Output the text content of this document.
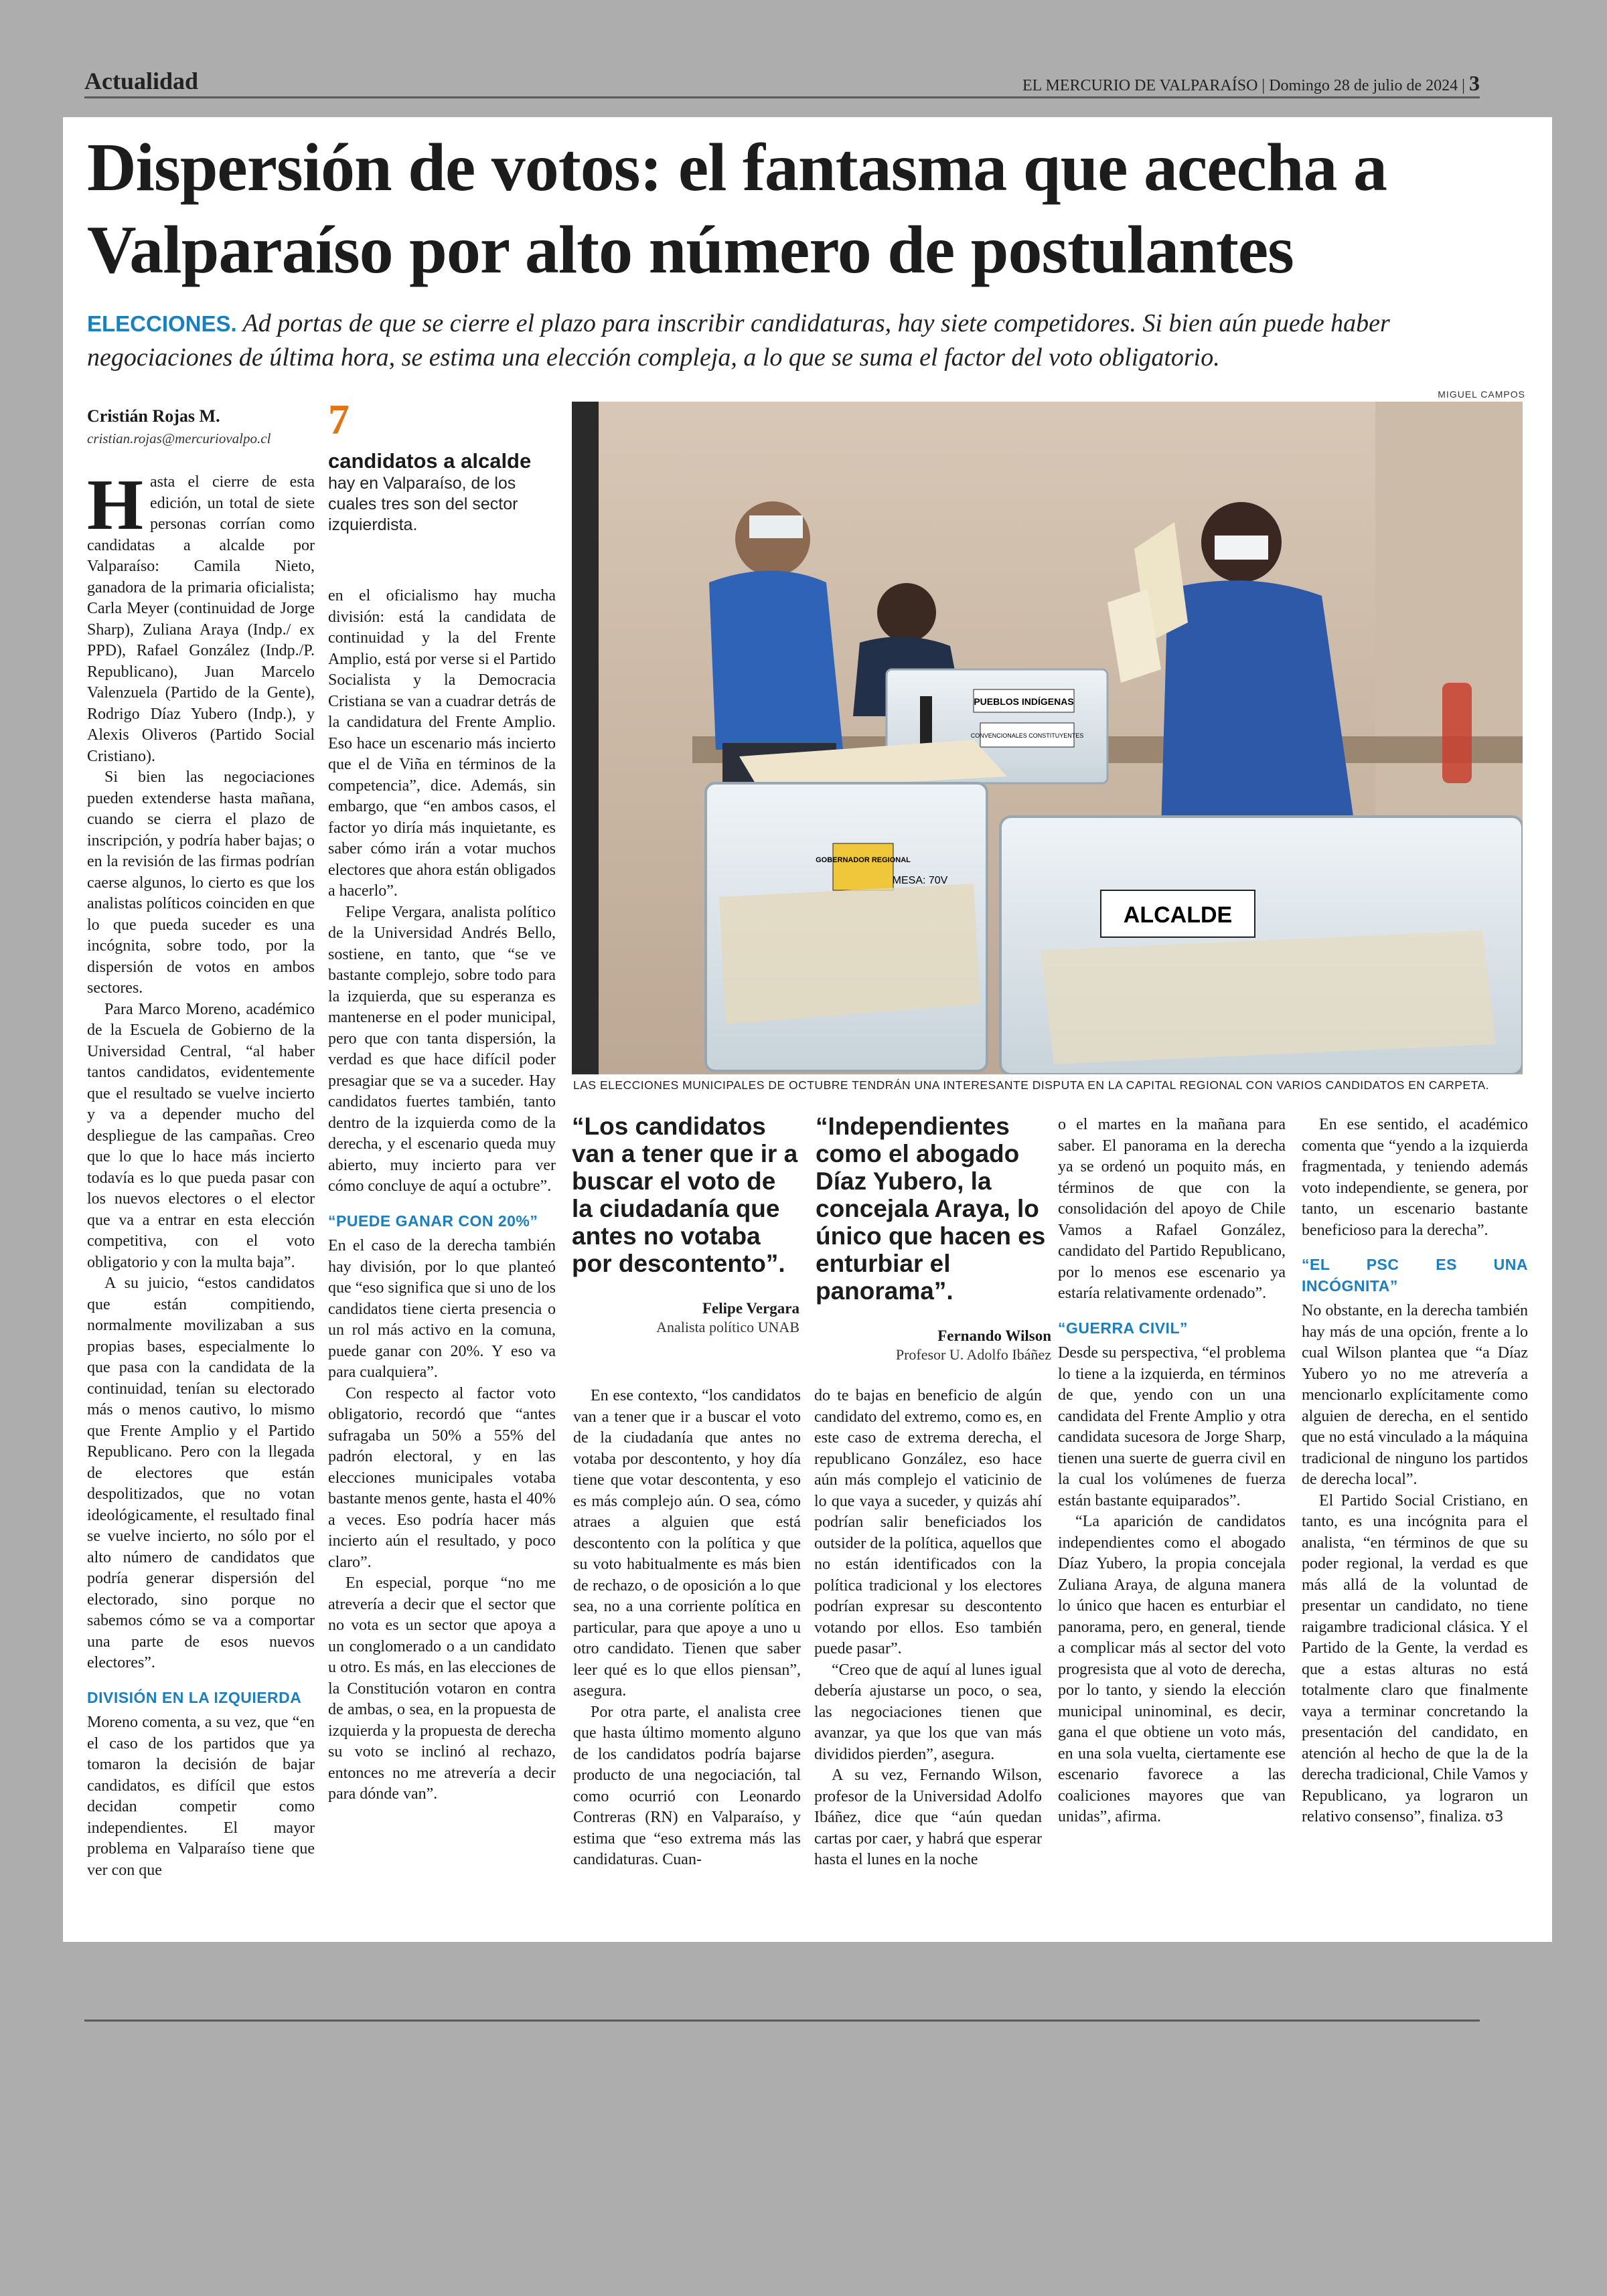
Actualidad	EL MERCURIO DE VALPARAÍSO | Domingo 28 de julio de 2024 | 3
Dispersión de votos: el fantasma que acecha a Valparaíso por alto número de postulantes
ELECCIONES. Ad portas de que se cierre el plazo para inscribir candidaturas, hay siete competidores. Si bien aún puede haber negociaciones de última hora, se estima una elección compleja, a lo que se suma el factor del voto obligatorio.
Cristián Rojas M.
cristian.rojas@mercuriovalpo.cl	7
candidatos a alcalde
hay en Valparaíso, de los cuales tres son del sector izquierdista.

Hasta el cierre de esta edición, un total de siete personas corrían como candidatas a alcalde por Valparaíso: Camila Nieto, ganadora de la primaria oficialista; Carla Meyer (continuidad de Jorge Sharp), Zuliana Araya (Indp./ ex PPD), Rafael González (Indp./P. Republicano), Juan Marcelo Valenzuela (Partido de la Gente), Rodrigo Díaz Yubero (Indp.), y Alexis Oliveros (Partido Social Cristiano).

Si bien las negociaciones pueden extenderse hasta mañana, cuando se cierra el plazo de inscripción, y podría haber bajas; o en la revisión de las firmas podrían caerse algunos, lo cierto es que los analistas políticos coinciden en que lo que pueda suceder es una incógnita, sobre todo, por la dispersión de votos en ambos sectores.

Para Marco Moreno, académico de la Escuela de Gobierno de la Universidad Central, “al haber tantos candidatos, evidentemente que el resultado se vuelve incierto y va a depender mucho del despliegue de las campañas. Creo que lo que lo hace más incierto todavía es lo que pueda pasar con los nuevos electores o el elector que va a entrar en esta elección competitiva, con el voto obligatorio y con la multa baja”.

A su juicio, “estos candidatos que están compitiendo, normalmente movilizaban a sus propias bases, especialmente lo que pasa con la candidata de la continuidad, tenían su electorado más o menos cautivo, lo mismo que Frente Amplio y el Partido Republicano. Pero con la llegada de electores que están despolitizados, que no votan ideológicamente, el resultado final se vuelve incierto, no sólo por el alto número de candidatos que podría generar dispersión del electorado, sino porque no sabemos cómo se va a comportar una parte de esos nuevos electores”.

DIVISIÓN EN LA IZQUIERDA

Moreno comenta, a su vez, que “en el caso de los partidos que ya tomaron la decisión de bajar candidatos, es difícil que estos decidan competir como independientes. El mayor problema en Valparaíso tiene que ver con que

en el oficialismo hay mucha división: está la candidata de continuidad y la del Frente Amplio, está por verse si el Partido Socialista y la Democracia Cristiana se van a cuadrar detrás de la candidatura del Frente Amplio. Eso hace un escenario más incierto que el de Viña en términos de la competencia”, dice. Además, sin embargo, que “en ambos casos, el factor yo diría más inquietante, es saber cómo irán a votar muchos electores que ahora están obligados a hacerlo”.

Felipe Vergara, analista político de la Universidad Andrés Bello, sostiene, en tanto, que “se ve bastante complejo, sobre todo para la izquierda, que su esperanza es mantenerse en el poder municipal, pero que con tanta dispersión, la verdad es que hace difícil poder presagiar que se va a suceder. Hay candidatos fuertes también, tanto dentro de la izquierda como de la derecha, y el escenario queda muy abierto, muy incierto para ver cómo concluye de aquí a octubre”.

“PUEDE GANAR CON 20%”

En el caso de la derecha también hay división, por lo que planteó que “eso significa que si uno de los candidatos tiene cierta presencia o un rol más activo en la comuna, puede ganar con 20%. Y eso va para cualquiera”.

Con respecto al factor voto obligatorio, recordó que “antes sufragaba un 50% a 55% del padrón electoral, y en las elecciones municipales votaba bastante menos gente, hasta el 40% a veces. Eso podría hacer más incierto aún el resultado, y poco claro”.

En especial, porque “no me atrevería a decir que el sector que no vota es un sector que apoya a un conglomerado o a un candidato u otro. Es más, en las elecciones de la Constitución votaron en contra de ambas, o sea, en la propuesta de izquierda y la propuesta de derecha su voto se inclinó al rechazo, entonces no me atrevería a decir para dónde van”.

MIGUEL CAMPOS
PUEBLOS INDÍGENAS
CONVENCIONALES CONSTITUYENTES
GOBERNADOR REGIONAL
MESA: 70V
ALCALDE
LAS ELECCIONES MUNICIPALES DE OCTUBRE TENDRÁN UNA INTERESANTE DISPUTA EN LA CAPITAL REGIONAL CON VARIOS CANDIDATOS EN CARPETA.
“Los candidatos van a tener que ir a buscar el voto de la ciudadanía que antes no votaba por descontento”.
Felipe Vergara
Analista político UNAB
“Independientes como el abogado Díaz Yubero, la concejala Araya, lo único que hacen es enturbiar el panorama”.
Fernando Wilson
Profesor U. Adolfo Ibáñez

En ese contexto, “los candidatos van a tener que ir a buscar el voto de la ciudadanía que antes no votaba por descontento, y hoy día tiene que votar descontenta, y eso es más complejo aún. O sea, cómo atraes a alguien que está descontento con la política y que su voto habitualmente es más bien de rechazo, o de oposición a lo que sea, no a una corriente política en particular, para que apoye a uno u otro candidato. Tienen que saber leer qué es lo que ellos piensan”, asegura.

Por otra parte, el analista cree que hasta último momento alguno de los candidatos podría bajarse producto de una negociación, tal como ocurrió con Leonardo Contreras (RN) en Valparaíso, y estima que “eso extrema más las candidaturas. Cuan-

do te bajas en beneficio de algún candidato del extremo, como es, en este caso de extrema derecha, el republicano González, eso hace aún más complejo el vaticinio de lo que vaya a suceder, y quizás ahí podrían salir beneficiados los outsider de la política, aquellos que no están identificados con la política tradicional y los electores podrían expresar su descontento votando por ellos. Eso también puede pasar”.

“Creo que de aquí al lunes igual debería ajustarse un poco, o sea, las negociaciones tienen que avanzar, ya que los que van más divididos pierden”, asegura.

A su vez, Fernando Wilson, profesor de la Universidad Adolfo Ibáñez, dice que “aún quedan cartas por caer, y habrá que esperar hasta el lunes en la noche

o el martes en la mañana para saber. El panorama en la derecha ya se ordenó un poquito más, en términos de que con la consolidación del apoyo de Chile Vamos a Rafael González, candidato del Partido Republicano, por lo menos ese escenario ya estaría relativamente ordenado”.

“GUERRA CIVIL”

Desde su perspectiva, “el problema lo tiene a la izquierda, en términos de que, yendo con un una candidata del Frente Amplio y otra candidata sucesora de Jorge Sharp, tienen una suerte de guerra civil en la cual los volúmenes de fuerza están bastante equiparados”.

“La aparición de candidatos independientes como el abogado Díaz Yubero, la propia concejala Zuliana Araya, de alguna manera lo único que hacen es enturbiar el panorama, pero, en general, tiende a complicar más al sector del voto progresista que al voto de derecha, por lo tanto, y siendo la elección municipal uninominal, es decir, gana el que obtiene un voto más, en una sola vuelta, ciertamente ese escenario favorece a las coaliciones mayores que van unidas”, afirma.

En ese sentido, el académico comenta que “yendo a la izquierda fragmentada, y teniendo además voto independiente, se genera, por tanto, un escenario bastante beneficioso para la derecha”.

“EL PSC ES UNA INCÓGNITA”

No obstante, en la derecha también hay más de una opción, frente a lo cual Wilson plantea que “a Díaz Yubero yo no me atrevería a mencionarlo explícitamente como alguien de derecha, en el sentido que no está vinculado a la máquina tradicional de ninguno los partidos de derecha local”.

El Partido Social Cristiano, en tanto, es una incógnita para el analista, “en términos de que su poder regional, la verdad es que más allá de la voluntad de presentar un candidato, no tiene raigambre tradicional clásica. Y el Partido de la Gente, la verdad es que a estas alturas no está totalmente claro que finalmente vaya a terminar concretando la presentación del candidato, en atención al hecho de que la de la derecha tradicional, Chile Vamos y Republicano, ya lograron un relativo consenso”, finaliza. ʊ3
